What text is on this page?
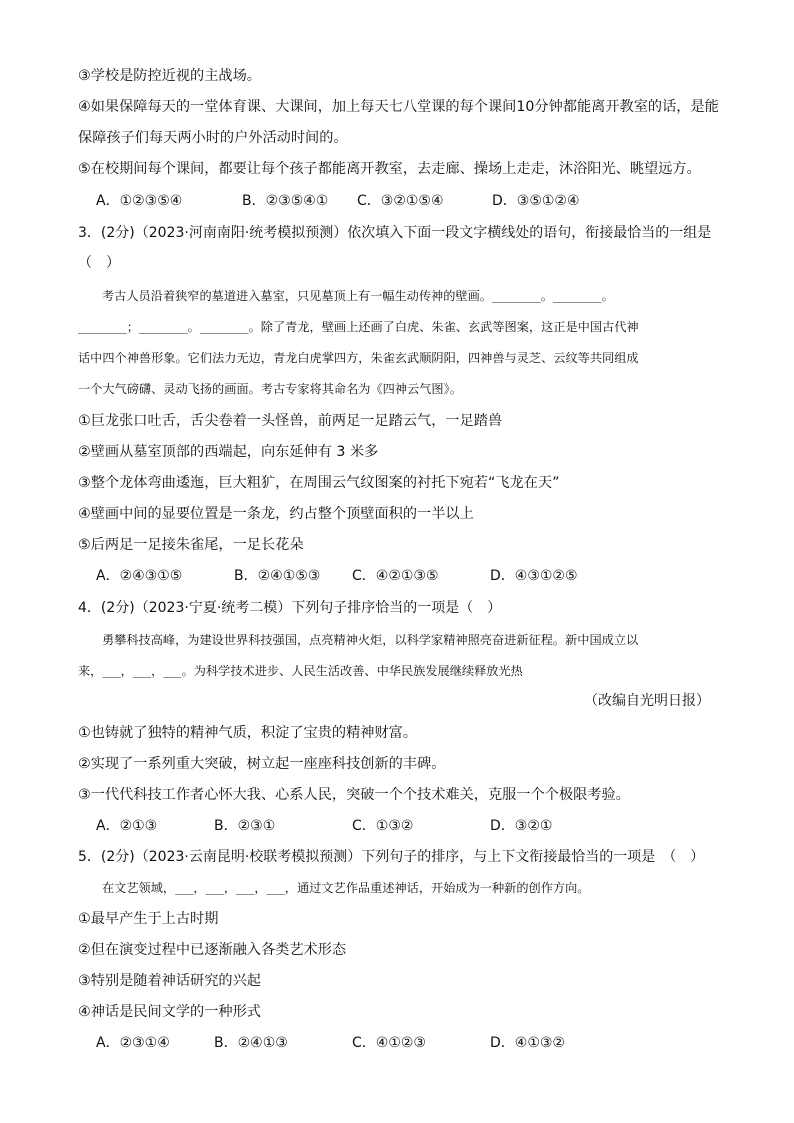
③学校是防控近视的主战场。
④如果保障每天的一堂体育课、大课间，加上每天七八堂课的每个课间10分钟都能离开教室的话，是能
保障孩子们每天两小时的户外活动时间的。
⑤在校期间每个课间，都要让每个孩子都能离开教室，去走廊、操场上走走，沐浴阳光、眺望远方。
A．①②③⑤④	B．②③⑤④① C．③②①⑤④	D．③⑤①②④
3．(2分)（2023·河南南阳·统考模拟预测）依次填入下面一段文字横线处的语句，衔接最恰当的一组是
（　）
考古人员沿着狭窄的墓道进入墓室，只见墓顶上有一幅生动传神的壁画。________。________。
________；________。________。除了青龙，壁画上还画了白虎、朱雀、玄武等图案，这正是中国古代神
话中四个神兽形象。它们法力无边，青龙白虎掌四方，朱雀玄武顺阴阳，四神兽与灵芝、云纹等共同组成
一个大气磅礴、灵动飞扬的画面。考古专家将其命名为《四神云气图》。
①巨龙张口吐舌，舌尖卷着一头怪兽，前两足一足踏云气，一足踏兽
②壁画从墓室顶部的西端起，向东延伸有 3 米多
③整个龙体弯曲逶迤，巨大粗犷，在周围云气纹图案的衬托下宛若“飞龙在天”
④壁画中间的显要位置是一条龙，约占整个顶壁面积的一半以上
⑤后两足一足接朱雀尾，一足长花朵
A．②④③①⑤	B．②④①⑤③ C．④②①③⑤	D．④③①②⑤
4．(2分)（2023·宁夏·统考二模）下列句子排序恰当的一项是（　）
勇攀科技高峰，为建设世界科技强国，点亮精神火炬，以科学家精神照亮奋进新征程。新中国成立以
来，___，___，___。为科学技术进步、人民生活改善、中华民族发展继续释放光热
（改编自光明日报）
①也铸就了独特的精神气质，积淀了宝贵的精神财富。
②实现了一系列重大突破，树立起一座座科技创新的丰碑。
③一代代科技工作者心怀大我、心系人民，突破一个个技术难关，克服一个个极限考验。
A．②①③	B．②③①	C．①③②	D．③②①
5．(2分)（2023·云南昆明·校联考模拟预测）下列句子的排序，与上下文衔接最恰当的一项是　（　）
在文艺领域，___，___，___，___，通过文艺作品重述神话，开始成为一种新的创作方向。
①最早产生于上古时期
②但在演变过程中已逐渐融入各类艺术形态
③特别是随着神话研究的兴起
④神话是民间文学的一种形式
A．②③①④	B．②④①③	C．④①②③	D．④①③②
